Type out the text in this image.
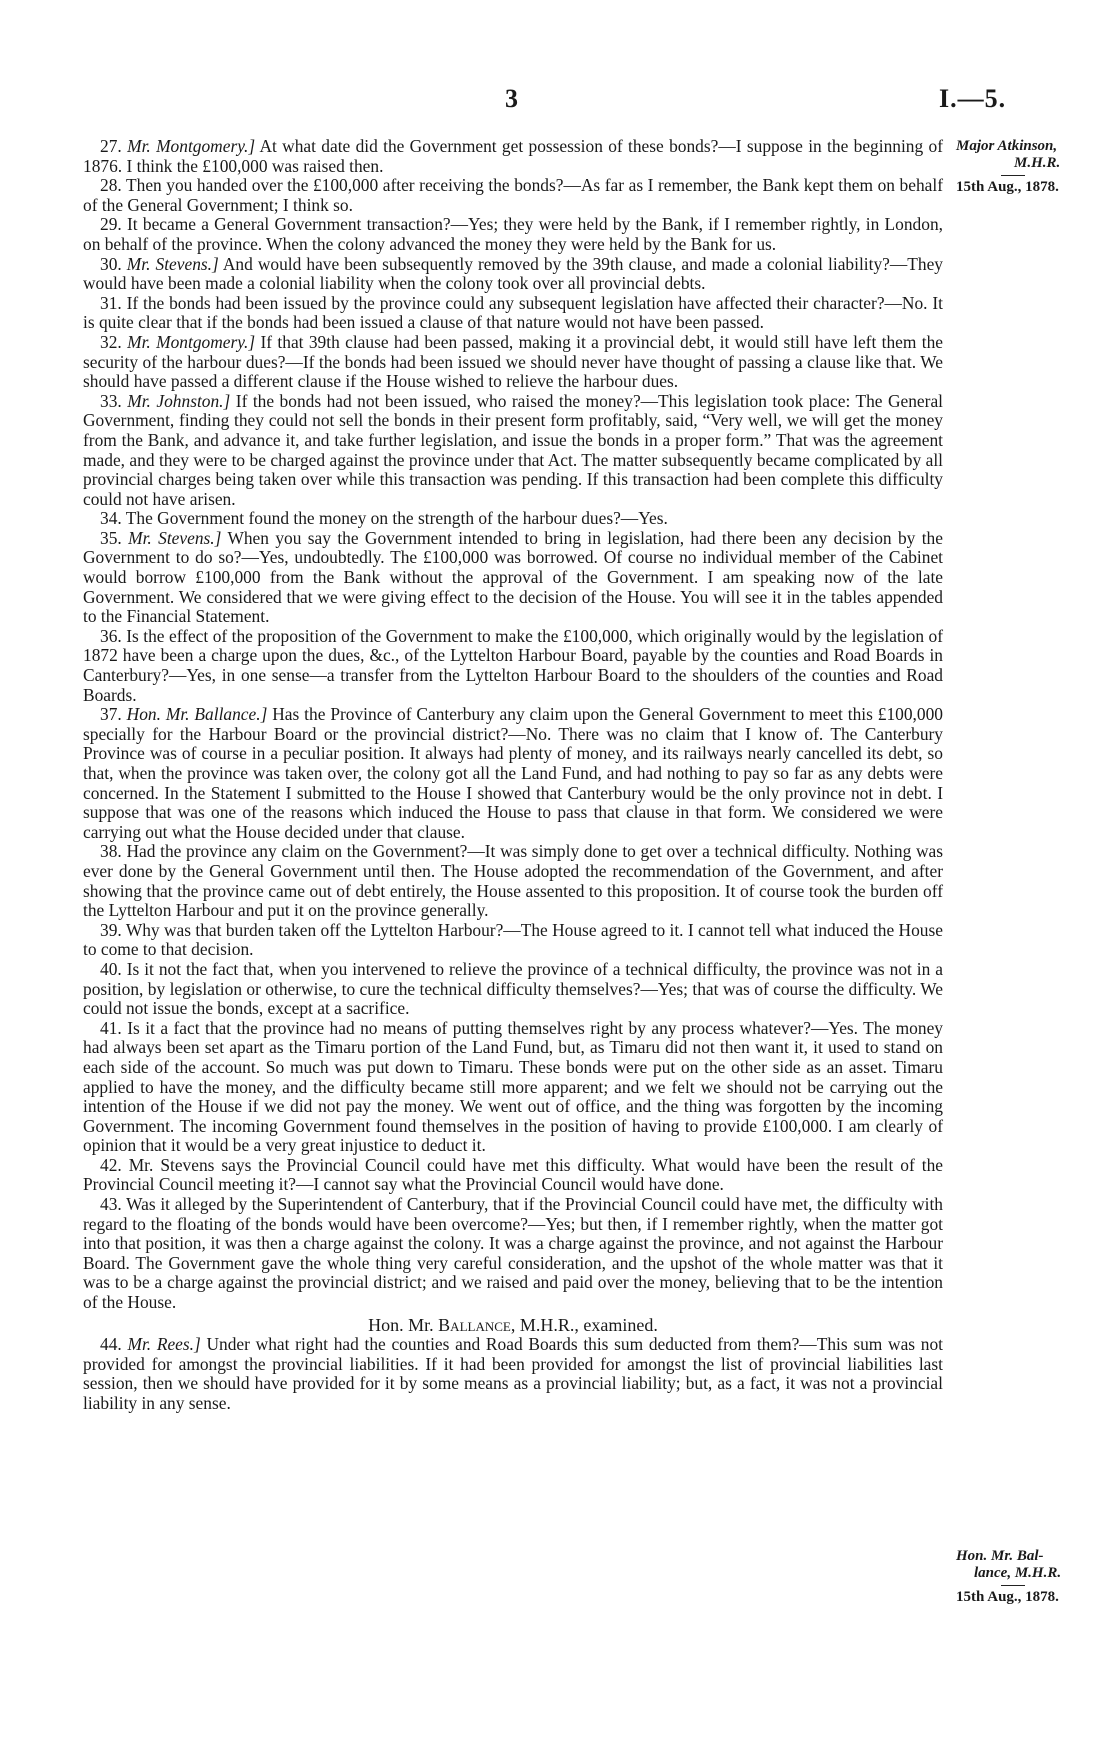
3	I.—5.
Major Atkinson,
M.H.R.
15th Aug., 1878.
Hon. Mr. Bal-
lance, M.H.R.
15th Aug., 1878.

27. Mr. Montgomery.] At what date did the Government get possession of these bonds?—I suppose in the beginning of 1876. I think the £100,000 was raised then.

28. Then you handed over the £100,000 after receiving the bonds?—As far as I remember, the Bank kept them on behalf of the General Government; I think so.

29. It became a General Government transaction?—Yes; they were held by the Bank, if I remember rightly, in London, on behalf of the province. When the colony advanced the money they were held by the Bank for us.

30. Mr. Stevens.] And would have been subsequently removed by the 39th clause, and made a colonial liability?—They would have been made a colonial liability when the colony took over all provincial debts.

31. If the bonds had been issued by the province could any subsequent legislation have affected their character?—No. It is quite clear that if the bonds had been issued a clause of that nature would not have been passed.

32. Mr. Montgomery.] If that 39th clause had been passed, making it a provincial debt, it would still have left them the security of the harbour dues?—If the bonds had been issued we should never have thought of passing a clause like that. We should have passed a different clause if the House wished to relieve the harbour dues.

33. Mr. Johnston.] If the bonds had not been issued, who raised the money?—This legislation took place: The General Government, finding they could not sell the bonds in their present form profitably, said, “Very well, we will get the money from the Bank, and advance it, and take further legislation, and issue the bonds in a proper form.” That was the agreement made, and they were to be charged against the province under that Act. The matter subsequently became complicated by all provincial charges being taken over while this transaction was pending. If this transaction had been complete this difficulty could not have arisen.

34. The Government found the money on the strength of the harbour dues?—Yes.

35. Mr. Stevens.] When you say the Government intended to bring in legislation, had there been any decision by the Government to do so?—Yes, undoubtedly. The £100,000 was borrowed. Of course no individual member of the Cabinet would borrow £100,000 from the Bank without the approval of the Government. I am speaking now of the late Government. We considered that we were giving effect to the decision of the House. You will see it in the tables appended to the Financial Statement.

36. Is the effect of the proposition of the Government to make the £100,000, which originally would by the legislation of 1872 have been a charge upon the dues, &c., of the Lyttelton Harbour Board, payable by the counties and Road Boards in Canterbury?—Yes, in one sense—a transfer from the Lyttelton Harbour Board to the shoulders of the counties and Road Boards.

37. Hon. Mr. Ballance.] Has the Province of Canterbury any claim upon the General Government to meet this £100,000 specially for the Harbour Board or the provincial district?—No. There was no claim that I know of. The Canterbury Province was of course in a peculiar position. It always had plenty of money, and its railways nearly cancelled its debt, so that, when the province was taken over, the colony got all the Land Fund, and had nothing to pay so far as any debts were concerned. In the Statement I submitted to the House I showed that Canterbury would be the only province not in debt. I suppose that was one of the reasons which induced the House to pass that clause in that form. We considered we were carrying out what the House decided under that clause.

38. Had the province any claim on the Government?—It was simply done to get over a technical difficulty. Nothing was ever done by the General Government until then. The House adopted the recommendation of the Government, and after showing that the province came out of debt entirely, the House assented to this proposition. It of course took the burden off the Lyttelton Harbour and put it on the province generally.

39. Why was that burden taken off the Lyttelton Harbour?—The House agreed to it. I cannot tell what induced the House to come to that decision.

40. Is it not the fact that, when you intervened to relieve the province of a technical difficulty, the province was not in a position, by legislation or otherwise, to cure the technical difficulty themselves?—Yes; that was of course the difficulty. We could not issue the bonds, except at a sacrifice.

41. Is it a fact that the province had no means of putting themselves right by any process whatever?—Yes. The money had always been set apart as the Timaru portion of the Land Fund, but, as Timaru did not then want it, it used to stand on each side of the account. So much was put down to Timaru. These bonds were put on the other side as an asset. Timaru applied to have the money, and the difficulty became still more apparent; and we felt we should not be carrying out the intention of the House if we did not pay the money. We went out of office, and the thing was forgotten by the incoming Government. The incoming Government found themselves in the position of having to provide £100,000. I am clearly of opinion that it would be a very great injustice to deduct it.

42. Mr. Stevens says the Provincial Council could have met this difficulty. What would have been the result of the Provincial Council meeting it?—I cannot say what the Provincial Council would have done.

43. Was it alleged by the Superintendent of Canterbury, that if the Provincial Council could have met, the difficulty with regard to the floating of the bonds would have been overcome?—Yes; but then, if I remember rightly, when the matter got into that position, it was then a charge against the colony. It was a charge against the province, and not against the Harbour Board. The Government gave the whole thing very careful consideration, and the upshot of the whole matter was that it was to be a charge against the provincial district; and we raised and paid over the money, believing that to be the intention of the House.

Hon. Mr. Ballance, M.H.R., examined.

44. Mr. Rees.] Under what right had the counties and Road Boards this sum deducted from them?—This sum was not provided for amongst the provincial liabilities. If it had been provided for amongst the list of provincial liabilities last session, then we should have provided for it by some means as a provincial liability; but, as a fact, it was not a provincial liability in any sense.
